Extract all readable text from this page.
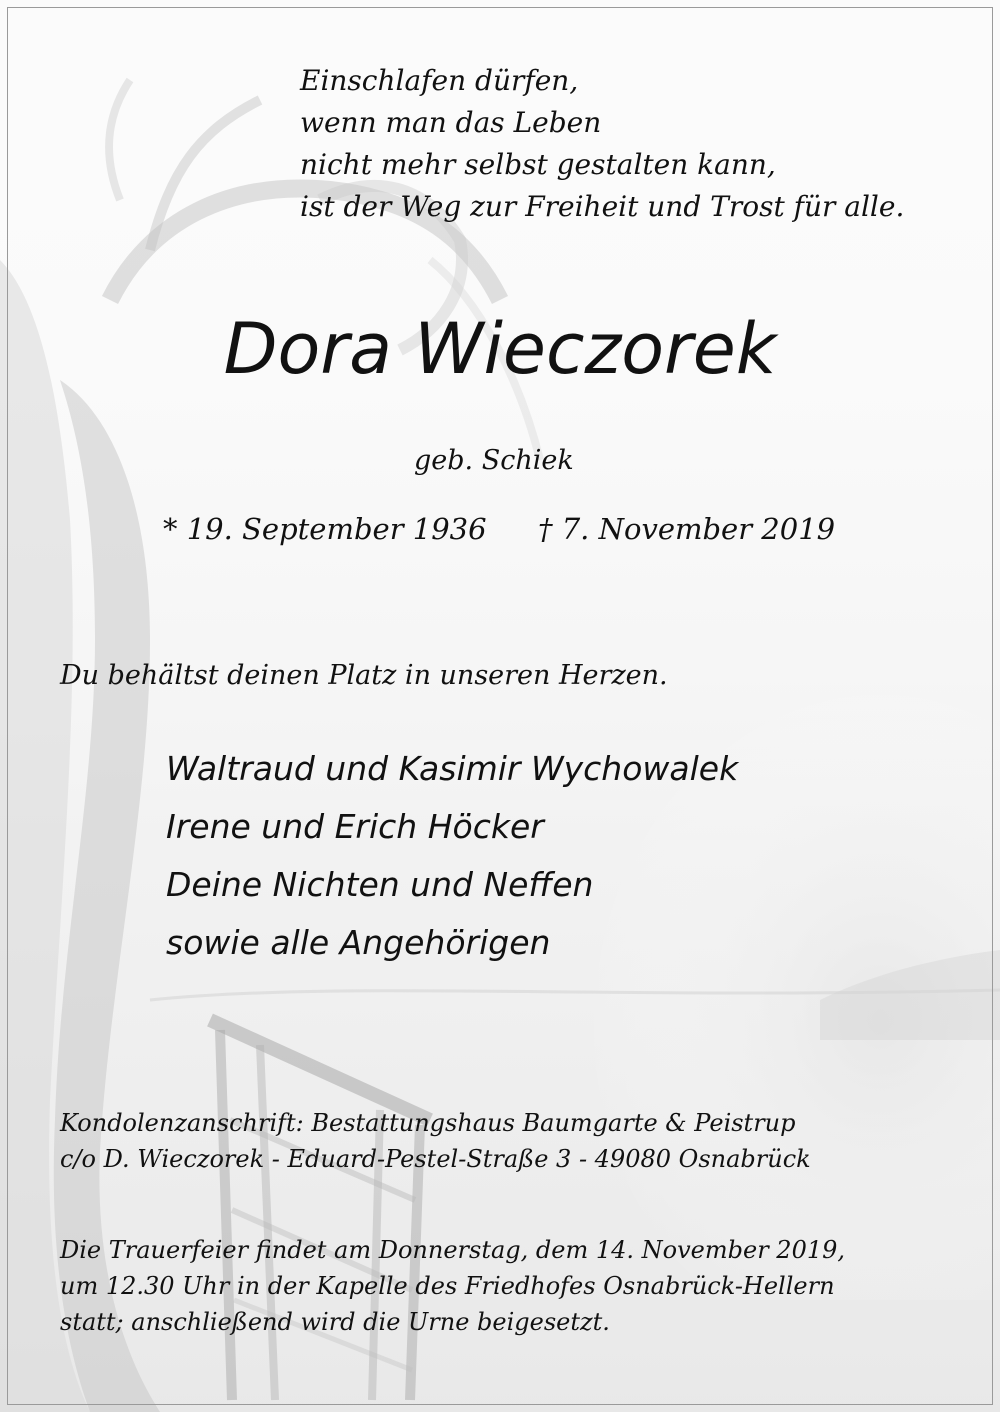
Einschlafen dürfen,
wenn man das Leben
nicht mehr selbst gestalten kann,
ist der Weg zur Freiheit und Trost für alle.
Dora Wieczorek
geb. Schiek
* 19. September 1936 † 7. November 2019
Du behältst deinen Platz in unseren Herzen.
Waltraud und Kasimir Wychowalek
Irene und Erich Höcker
Deine Nichten und Neffen
sowie alle Angehörigen
Kondolenzanschrift: Bestattungshaus Baumgarte & Peistrup
c/o D. Wieczorek - Eduard-Pestel-Straße 3 - 49080 Osnabrück
Die Trauerfeier findet am Donnerstag, dem 14. November 2019,
um 12.30 Uhr in der Kapelle des Friedhofes Osnabrück-Hellern
statt; anschließend wird die Urne beigesetzt.
